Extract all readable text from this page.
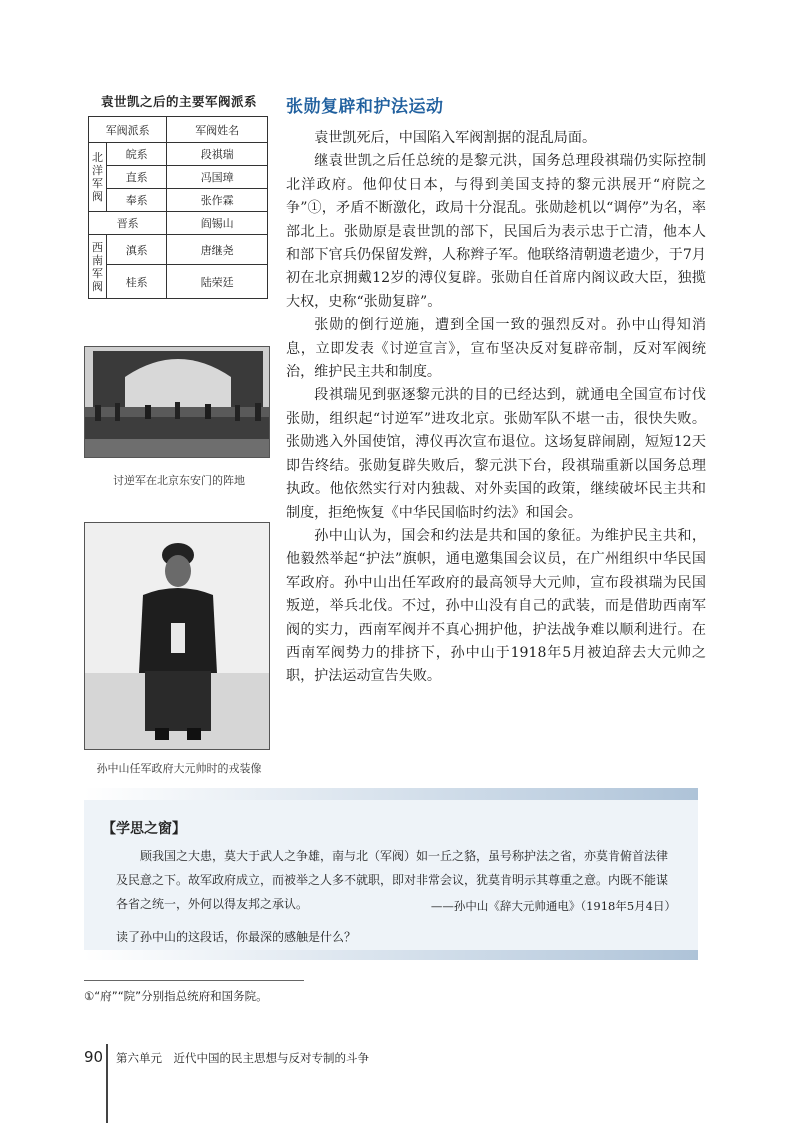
袁世凯之后的主要军阀派系
军阀派系		军阀姓名

北
洋
军
阀	皖系	段祺瑞
	直系	冯国璋
	奉系	张作霖
晋系		阎锡山

西
南
军
阀	滇系	唐继尧
	桂系	陆荣廷
讨逆军在北京东安门的阵地
孙中山任军政府大元帅时的戎装像
张勋复辟和护法运动

袁世凯死后，中国陷入军阀割据的混乱局面。

继袁世凯之后任总统的是黎元洪，国务总理段祺瑞仍实际控制北洋政府。他仰仗日本，与得到美国支持的黎元洪展开“府院之争”①，矛盾不断激化，政局十分混乱。张勋趁机以“调停”为名，率部北上。张勋原是袁世凯的部下，民国后为表示忠于亡清，他本人和部下官兵仍保留发辫，人称辫子军。他联络清朝遗老遗少，于7月初在北京拥戴12岁的溥仪复辟。张勋自任首席内阁议政大臣，独揽大权，史称“张勋复辟”。

张勋的倒行逆施，遭到全国一致的强烈反对。孙中山得知消息，立即发表《讨逆宣言》，宣布坚决反对复辟帝制，反对军阀统治，维护民主共和制度。

段祺瑞见到驱逐黎元洪的目的已经达到，就通电全国宣布讨伐张勋，组织起“讨逆军”进攻北京。张勋军队不堪一击，很快失败。张勋逃入外国使馆，溥仪再次宣布退位。这场复辟闹剧，短短12天即告终结。张勋复辟失败后，黎元洪下台，段祺瑞重新以国务总理执政。他依然实行对内独裁、对外卖国的政策，继续破坏民主共和制度，拒绝恢复《中华民国临时约法》和国会。

孙中山认为，国会和约法是共和国的象征。为维护民主共和，他毅然举起“护法”旗帜，通电邀集国会议员，在广州组织中华民国军政府。孙中山出任军政府的最高领导大元帅，宣布段祺瑞为民国叛逆，举兵北伐。不过，孙中山没有自己的武装，而是借助西南军阀的实力，西南军阀并不真心拥护他，护法战争难以顺利进行。在西南军阀势力的排挤下，孙中山于1918年5月被迫辞去大元帅之职，护法运动宣告失败。

【学思之窗】
顾我国之大患，莫大于武人之争雄，南与北（军阀）如一丘之貉，虽号称护法之省，亦莫肯俯首法律及民意之下。故军政府成立，而被举之人多不就职，即对非常会议，犹莫肯明示其尊重之意。内既不能谋各省之统一，外何以得友邦之承认。	——孙中山《辞大元帅通电》（1918年5月4日）
读了孙中山的这段话，你最深的感触是什么？
①“府”“院”分别指总统府和国务院。
90 第六单元　近代中国的民主思想与反对专制的斗争
